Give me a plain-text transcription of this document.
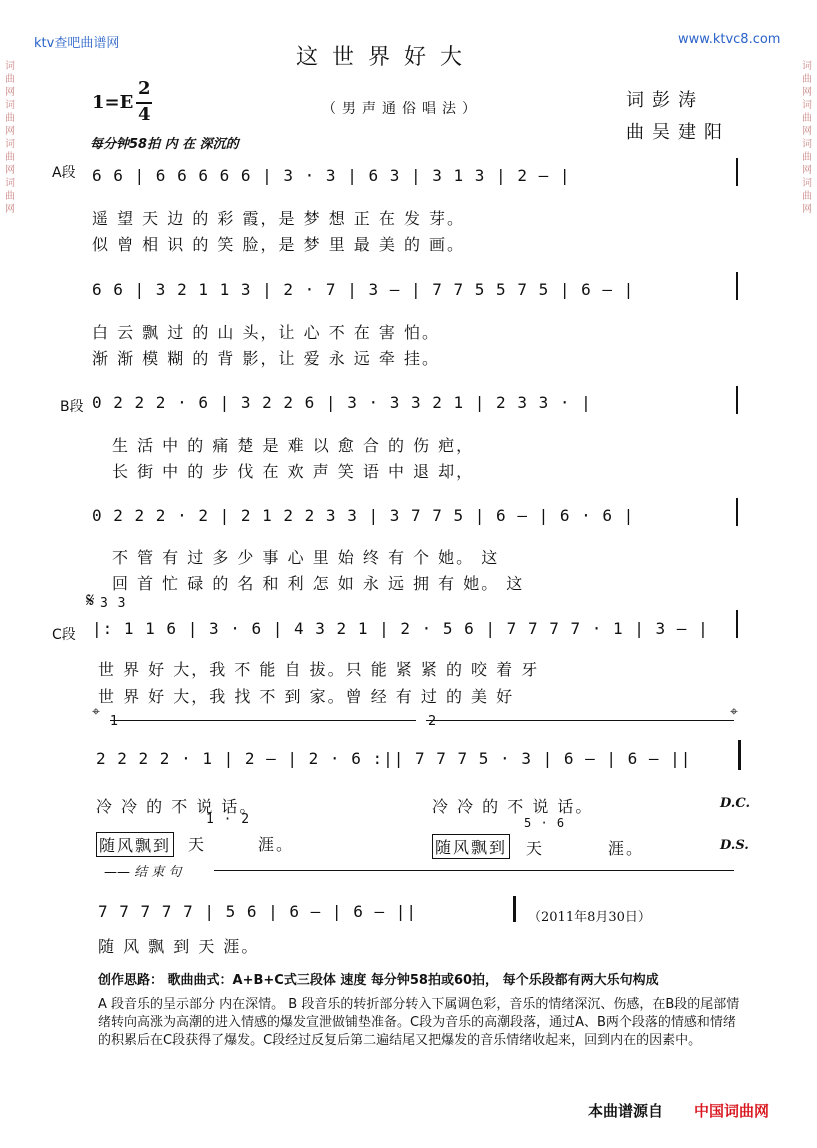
ktv查吧曲谱网	www.ktvc8.com
词曲网词曲网词曲网词曲网
词曲网词曲网词曲网词曲网
这世界好大
1=E
2
4	（男声通俗唱法）	词彭涛
曲吴建阳
每分钟58拍 内 在 深沉的
A段
B段
C段
𝄋 3 3
6 6 | 6 6 6 6 6 | 3 · 3 | 6 3 | 3 1 3 | 2 – |
遥 望 天 边 的 彩 霞，是 梦 想 正 在 发 芽。
似 曾 相 识 的 笑 脸，是 梦 里 最 美 的 画。
6 6 | 3 2 1 1 3 | 2 · 7 | 3 – | 7 7 5 5 7 5 | 6 – |
白 云 飘 过 的 山 头，让 心 不 在 害 怕。
渐 渐 模 糊 的 背 影，让 爱 永 远 牵 挂。
0 2 2 2 · 6 | 3 2 2 6 | 3 · 3 3 2 1 | 2 3 3 · |
生 活 中 的 痛 楚 是 难 以 愈 合 的 伤 疤，
长 街 中 的 步 伐 在 欢 声 笑 语 中 退 却，
0 2 2 2 · 2 | 2 1 2 2 3 3 | 3 7 7 5 | 6 – | 6 · 6 |
不 管 有 过 多 少 事 心 里 始 终 有 个 她。 这
回 首 忙 碌 的 名 和 利 怎 如 永 远 拥 有 她。 这
|: 1 1 6 | 3 · 6 | 4 3 2 1 | 2 · 5 6 | 7 7 7 7 · 1 | 3 – |
世 界 好 大，我 不 能 自 拔。只 能 紧 紧 的 咬 着 牙
世 界 好 大，我 找 不 到 家。曾 经 有 过 的 美 好
⌖	⌖
1	2
2 2 2 2 · 1 | 2 – | 2 · 6 :|| 7 7 7 5 · 3 | 6 – | 6 – ||
冷 冷 的 不 说 话。	冷 冷 的 不 说 话。	D.C.
1 · 2	5 · 6
随风飘到 天	涯。	随风飘到 天	涯。	D.S.
—— 结 束 句
7 7 7 7 7 | 5 6 | 6 – | 6 – ||	（2011年8月30日）
随 风 飘 到 天 涯。
创作思路： 歌曲曲式：A+B+C式三段体 速度 每分钟58拍或60拍， 每个乐段都有两大乐句构成
A 段音乐的呈示部分 内在深情。 B 段音乐的转折部分转入下属调色彩，音乐的情绪深沉、伤感，在B段的尾部情绪转向高涨为高潮的进入情感的爆发宣泄做铺垫准备。C段为音乐的高潮段落，通过A、B两个段落的情感和情绪的积累后在C段获得了爆发。C段经过反复后第二遍结尾又把爆发的音乐情绪收起来，回到内在的因素中。
本曲谱源自 中国词曲网
